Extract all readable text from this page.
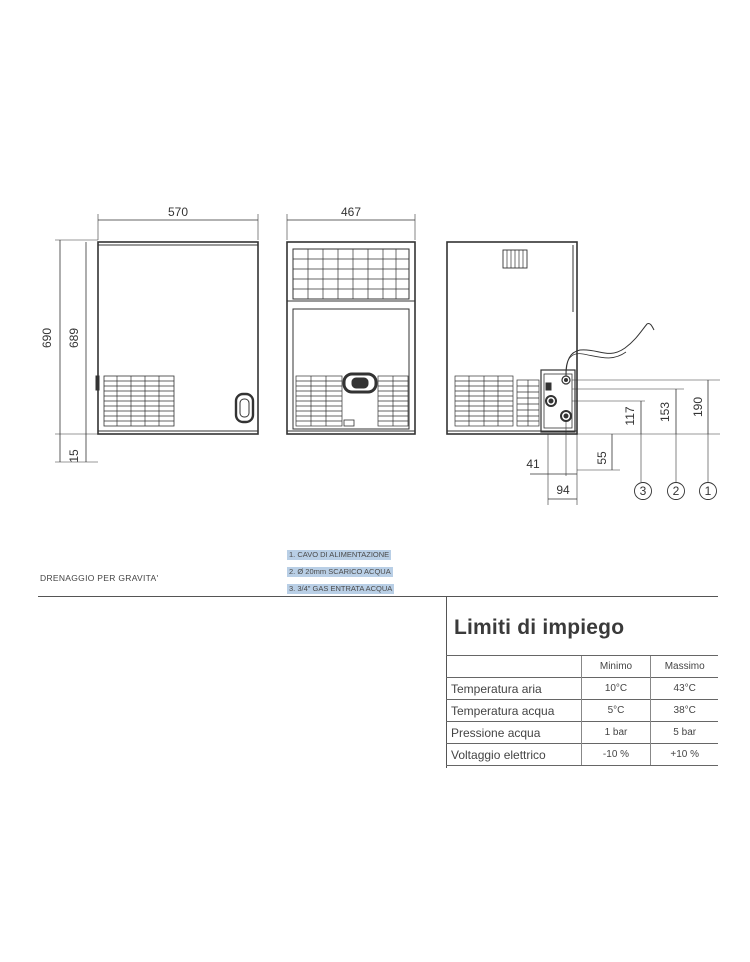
570	467
690 689
15
190
153
117
55
41
94	3 2 1
DRENAGGIO PER GRAVITA'
1. CAVO DI ALIMENTAZIONE
2. Ø 20mm SCARICO ACQUA
3. 3/4" GAS ENTRATA ACQUA
Limiti di impiego
	Minimo	Massimo
Temperatura aria	10°C	43°C
Temperatura acqua	5°C	38°C
Pressione acqua	1 bar	5 bar
Voltaggio elettrico	-10 %	+10 %
